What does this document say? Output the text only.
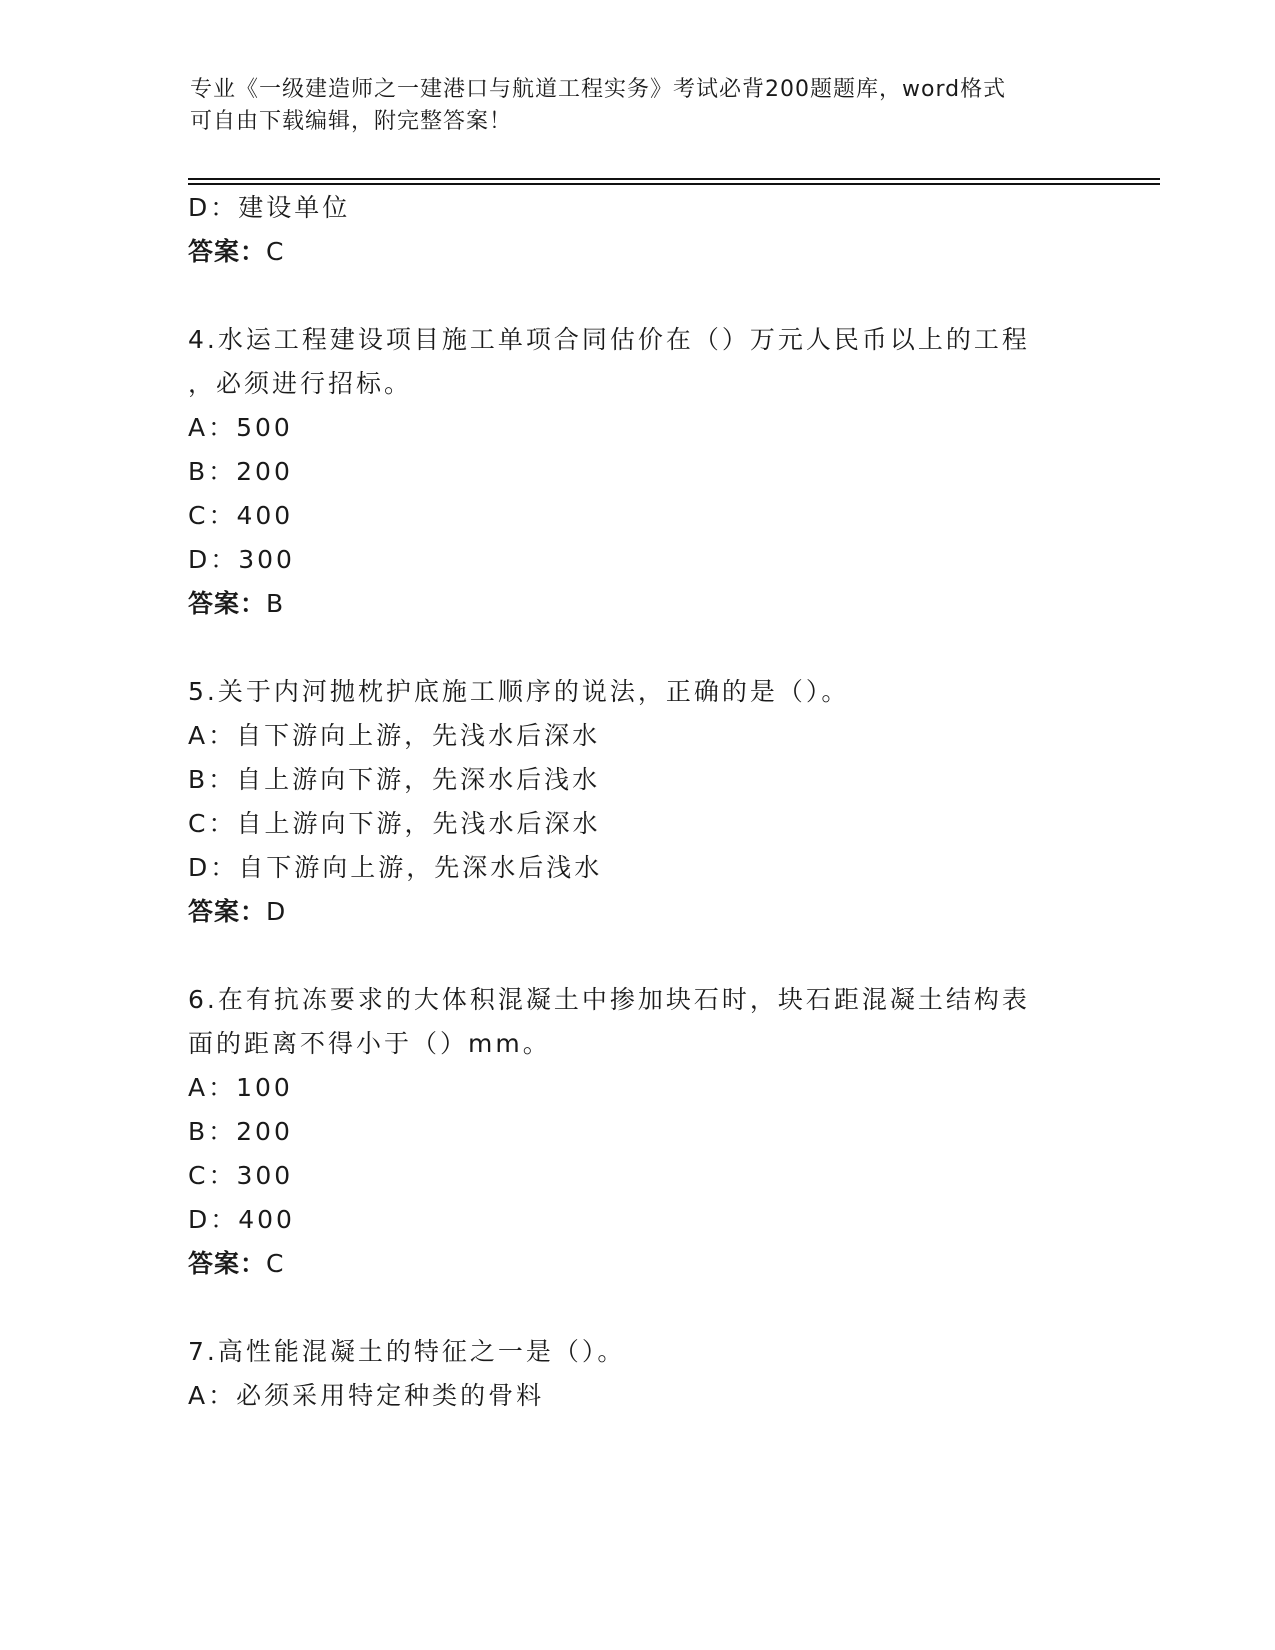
专业《一级建造师之一建港口与航道工程实务》考试必背200题题库，word格式
可自由下载编辑，附完整答案！
D：建设单位
答案：C
4.水运工程建设项目施工单项合同估价在（）万元人民币以上的工程
，必须进行招标。
A：500
B：200
C：400
D：300
答案：B
5.关于内河抛枕护底施工顺序的说法，正确的是（）。
A：自下游向上游，先浅水后深水
B：自上游向下游，先深水后浅水
C：自上游向下游，先浅水后深水
D：自下游向上游，先深水后浅水
答案：D
6.在有抗冻要求的大体积混凝土中掺加块石时，块石距混凝土结构表
面的距离不得小于（）mm。
A：100
B：200
C：300
D：400
答案：C
7.高性能混凝土的特征之一是（）。
A：必须采用特定种类的骨料
